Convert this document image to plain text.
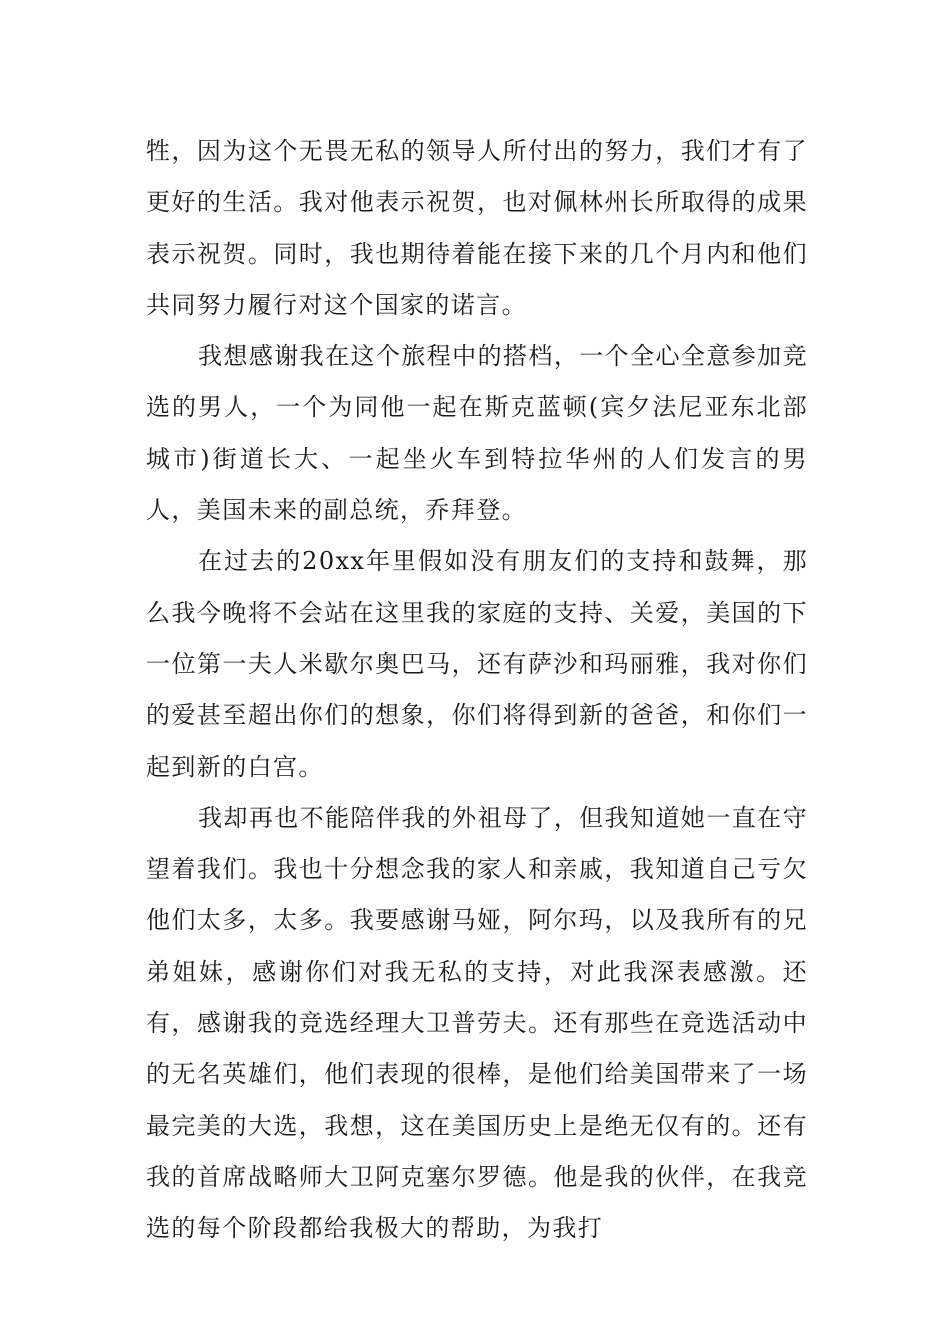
牲，因为这个无畏无私的领导人所付出的努力，我们才有了更好的生活。我对他表示祝贺，也对佩林州长所取得的成果表示祝贺。同时，我也期待着能在接下来的几个月内和他们共同努力履行对这个国家的诺言。

我想感谢我在这个旅程中的搭档，一个全心全意参加竞选的男人，一个为同他一起在斯克蓝顿(宾夕法尼亚东北部城市)街道长大、一起坐火车到特拉华州的人们发言的男人，美国未来的副总统，乔拜登。

在过去的20xx年里假如没有朋友们的支持和鼓舞，那么我今晚将不会站在这里我的家庭的支持、关爱，美国的下一位第一夫人米歇尔奥巴马，还有萨沙和玛丽雅，我对你们的爱甚至超出你们的想象，你们将得到新的爸爸，和你们一起到新的白宫。

我却再也不能陪伴我的外祖母了，但我知道她一直在守望着我们。我也十分想念我的家人和亲戚，我知道自己亏欠他们太多，太多。我要感谢马娅，阿尔玛，以及我所有的兄弟姐妹，感谢你们对我无私的支持，对此我深表感激。还有，感谢我的竞选经理大卫普劳夫。还有那些在竞选活动中的无名英雄们，他们表现的很棒，是他们给美国带来了一场最完美的大选，我想，这在美国历史上是绝无仅有的。还有我的首席战略师大卫阿克塞尔罗德。他是我的伙伴，在我竞选的每个阶段都给我极大的帮助，为我打
